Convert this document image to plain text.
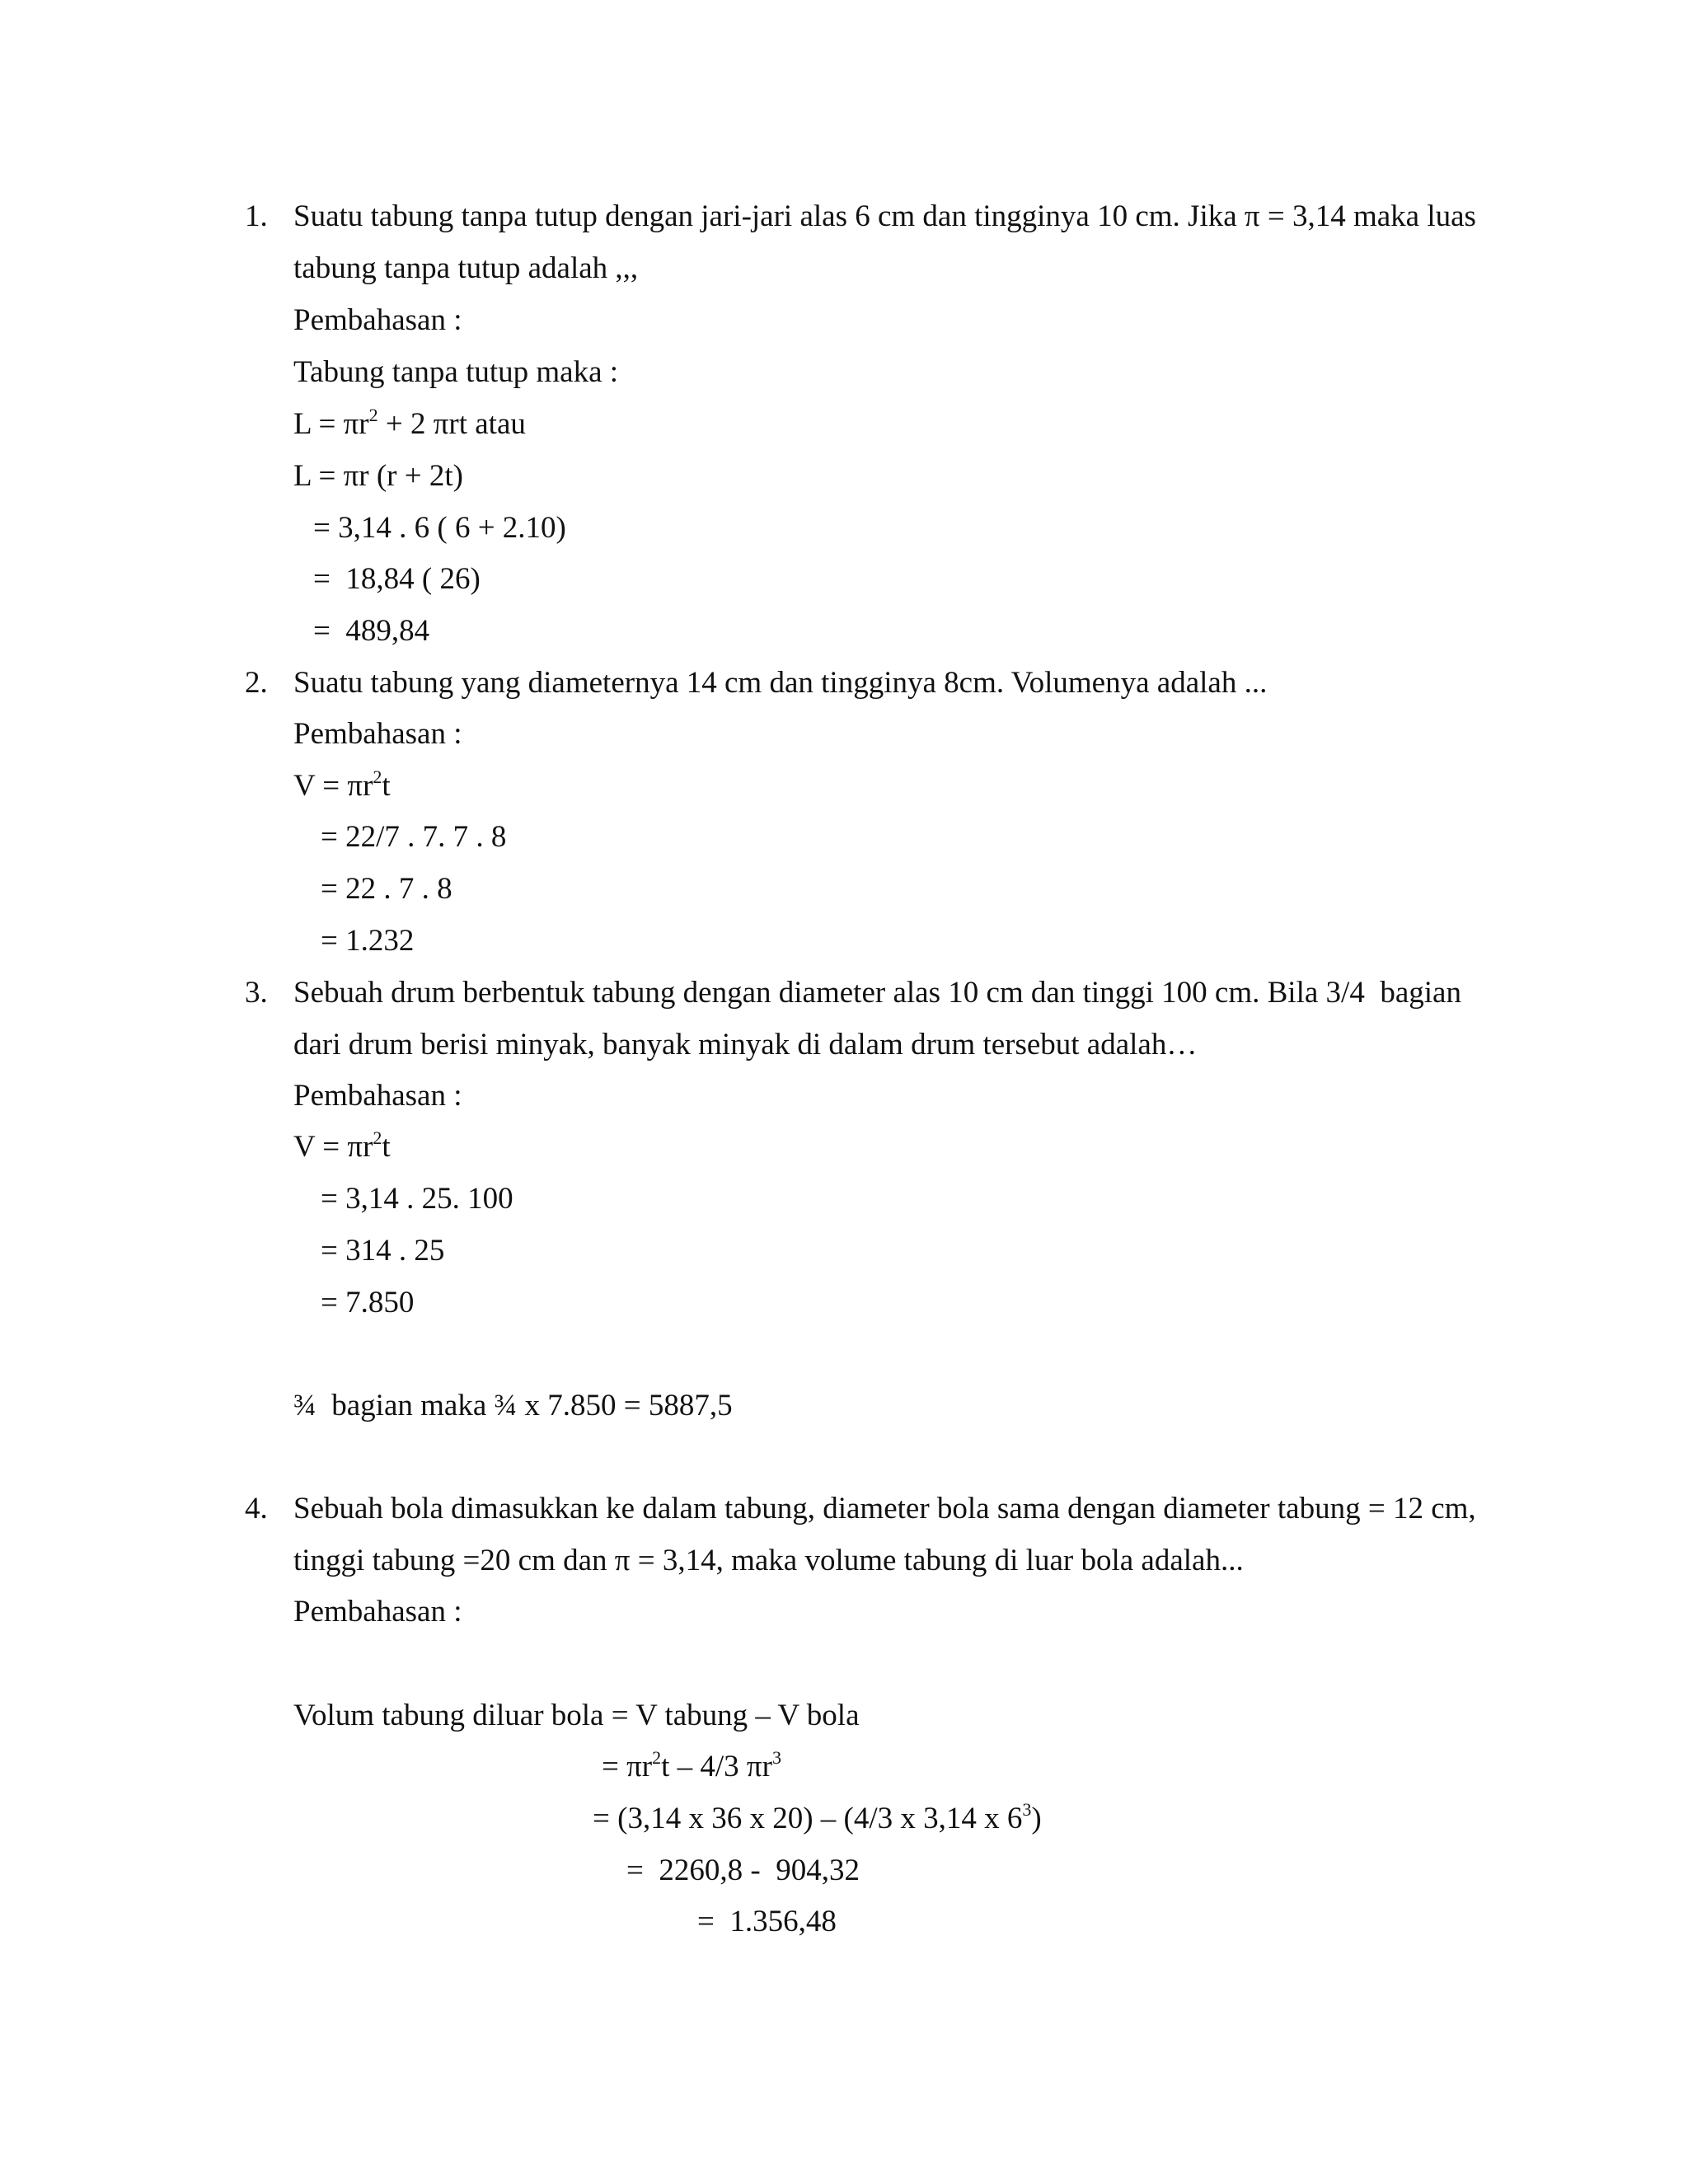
1. Suatu tabung tanpa tutup dengan jari-jari alas 6 cm dan tingginya 10 cm. Jika π = 3,14 maka luas
tabung tanpa tutup adalah ,,,
Pembahasan :
Tabung tanpa tutup maka :
$L = \pi r^2 + 2$ πrt atau
L = πr (r + 2t)
= 3,14 . 6 ( 6 + 2.10)
=  18,84 ( 26)
=  489,84
2. Suatu tabung yang diameternya 14 cm dan tingginya 8cm. Volumenya adalah ...
Pembahasan :
$V = \pi r^2t$
= 22/7 . 7. 7 . 8
= 22 . 7 . 8
= 1.232
3. Sebuah drum berbentuk tabung dengan diameter alas 10 cm dan tinggi 100 cm. Bila 3/4  bagian
dari drum berisi minyak, banyak minyak di dalam drum tersebut adalah…
Pembahasan :
$V = \pi r^2t$
= 3,14 . 25. 100
= 314 . 25
= 7.850
¾  bagian maka ¾ x 7.850 = 5887,5
4. Sebuah bola dimasukkan ke dalam tabung, diameter bola sama dengan diameter tabung = 12 cm,
tinggi tabung =20 cm dan π = 3,14, maka volume tabung di luar bola adalah...
Pembahasan :
Volum tabung diluar bola = V tabung – V bola
= $\pi r^2t - 4/3$ $\pi r^3$
= (3,14 x 36 x 20) – (4/3 x 3,14 x $6^3$)
=  2260,8 -  904,32
=  1.356,48
